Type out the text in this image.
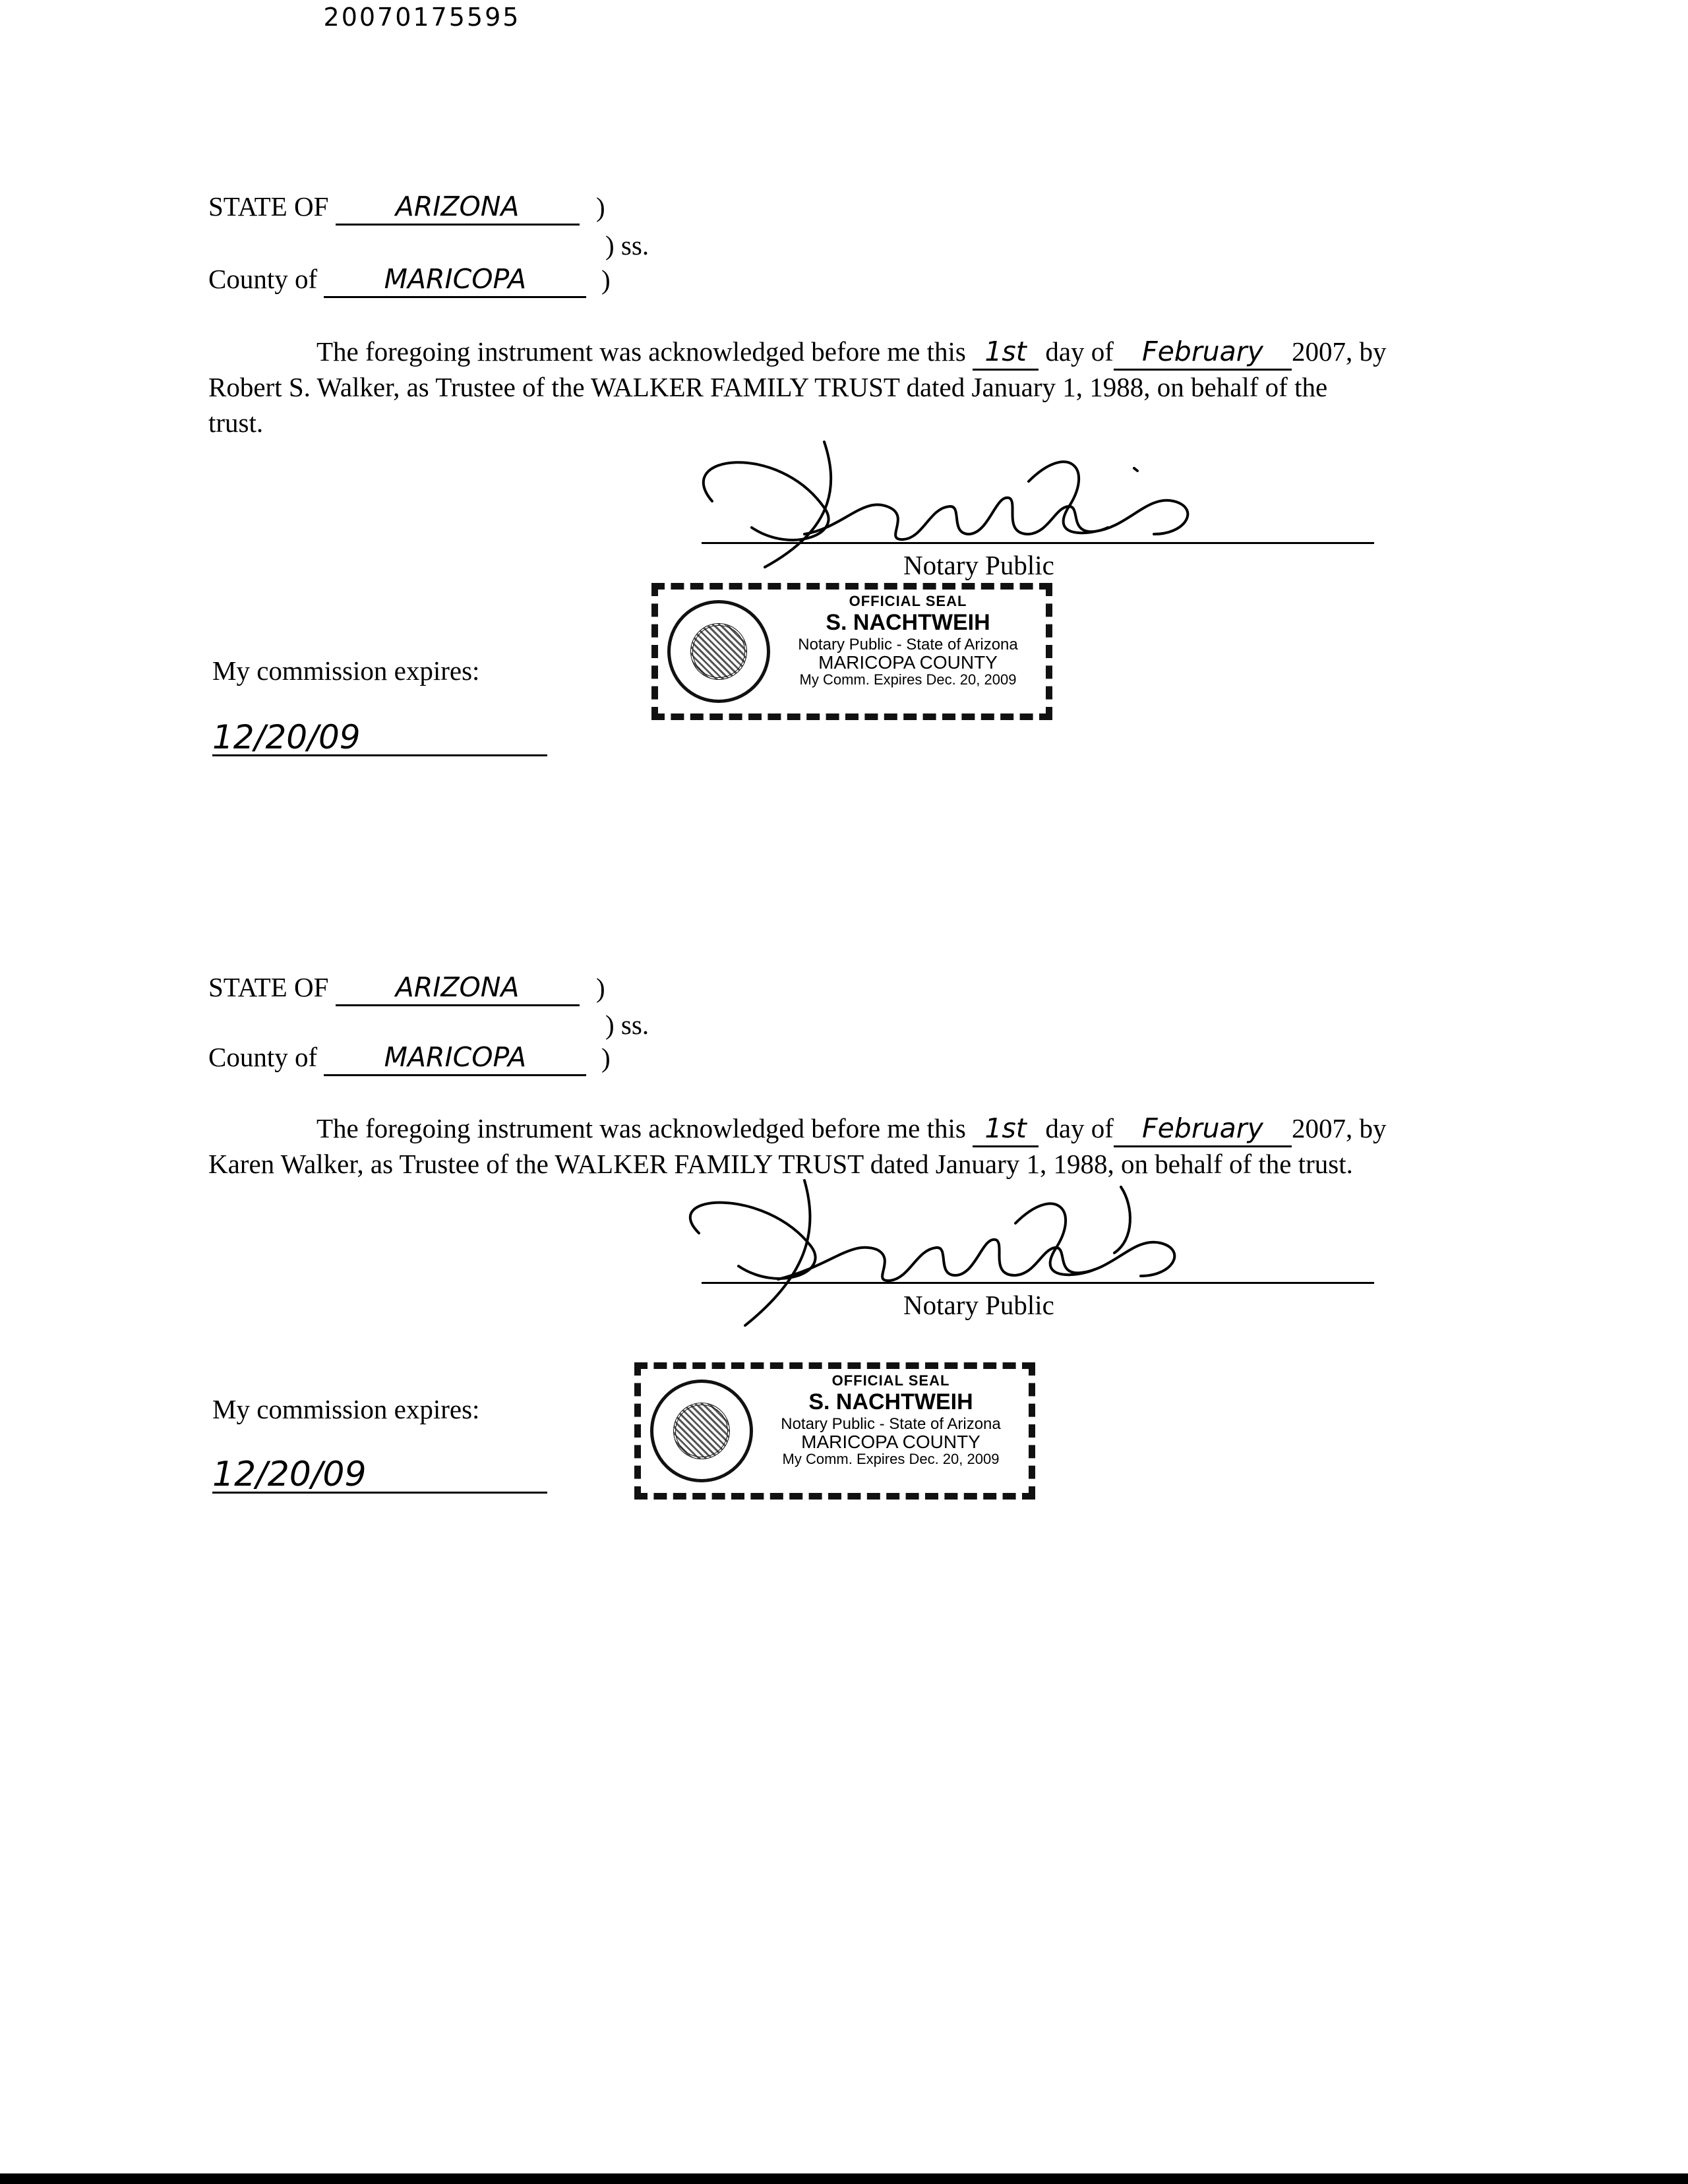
20070175595
STATE OF ARIZONA	)
) ss.
County of MARICOPA	)
The foregoing instrument was acknowledged before me this 1st day of February 2007, by
Robert S. Walker, as Trustee of the WALKER FAMILY TRUST dated January 1, 1988, on behalf of the
trust.
Notary Public
OFFICIAL SEAL
S. NACHTWEIH
Notary Public - State of Arizona
MARICOPA COUNTY
My Comm. Expires Dec. 20, 2009
My commission expires:
12/20/09
STATE OF ARIZONA	)
) ss.
County of MARICOPA	)
The foregoing instrument was acknowledged before me this 1st day of February 2007, by
Karen Walker, as Trustee of the WALKER FAMILY TRUST dated January 1, 1988, on behalf of the trust.
Notary Public
OFFICIAL SEAL
S. NACHTWEIH
Notary Public - State of Arizona
MARICOPA COUNTY
My Comm. Expires Dec. 20, 2009
My commission expires:
12/20/09
